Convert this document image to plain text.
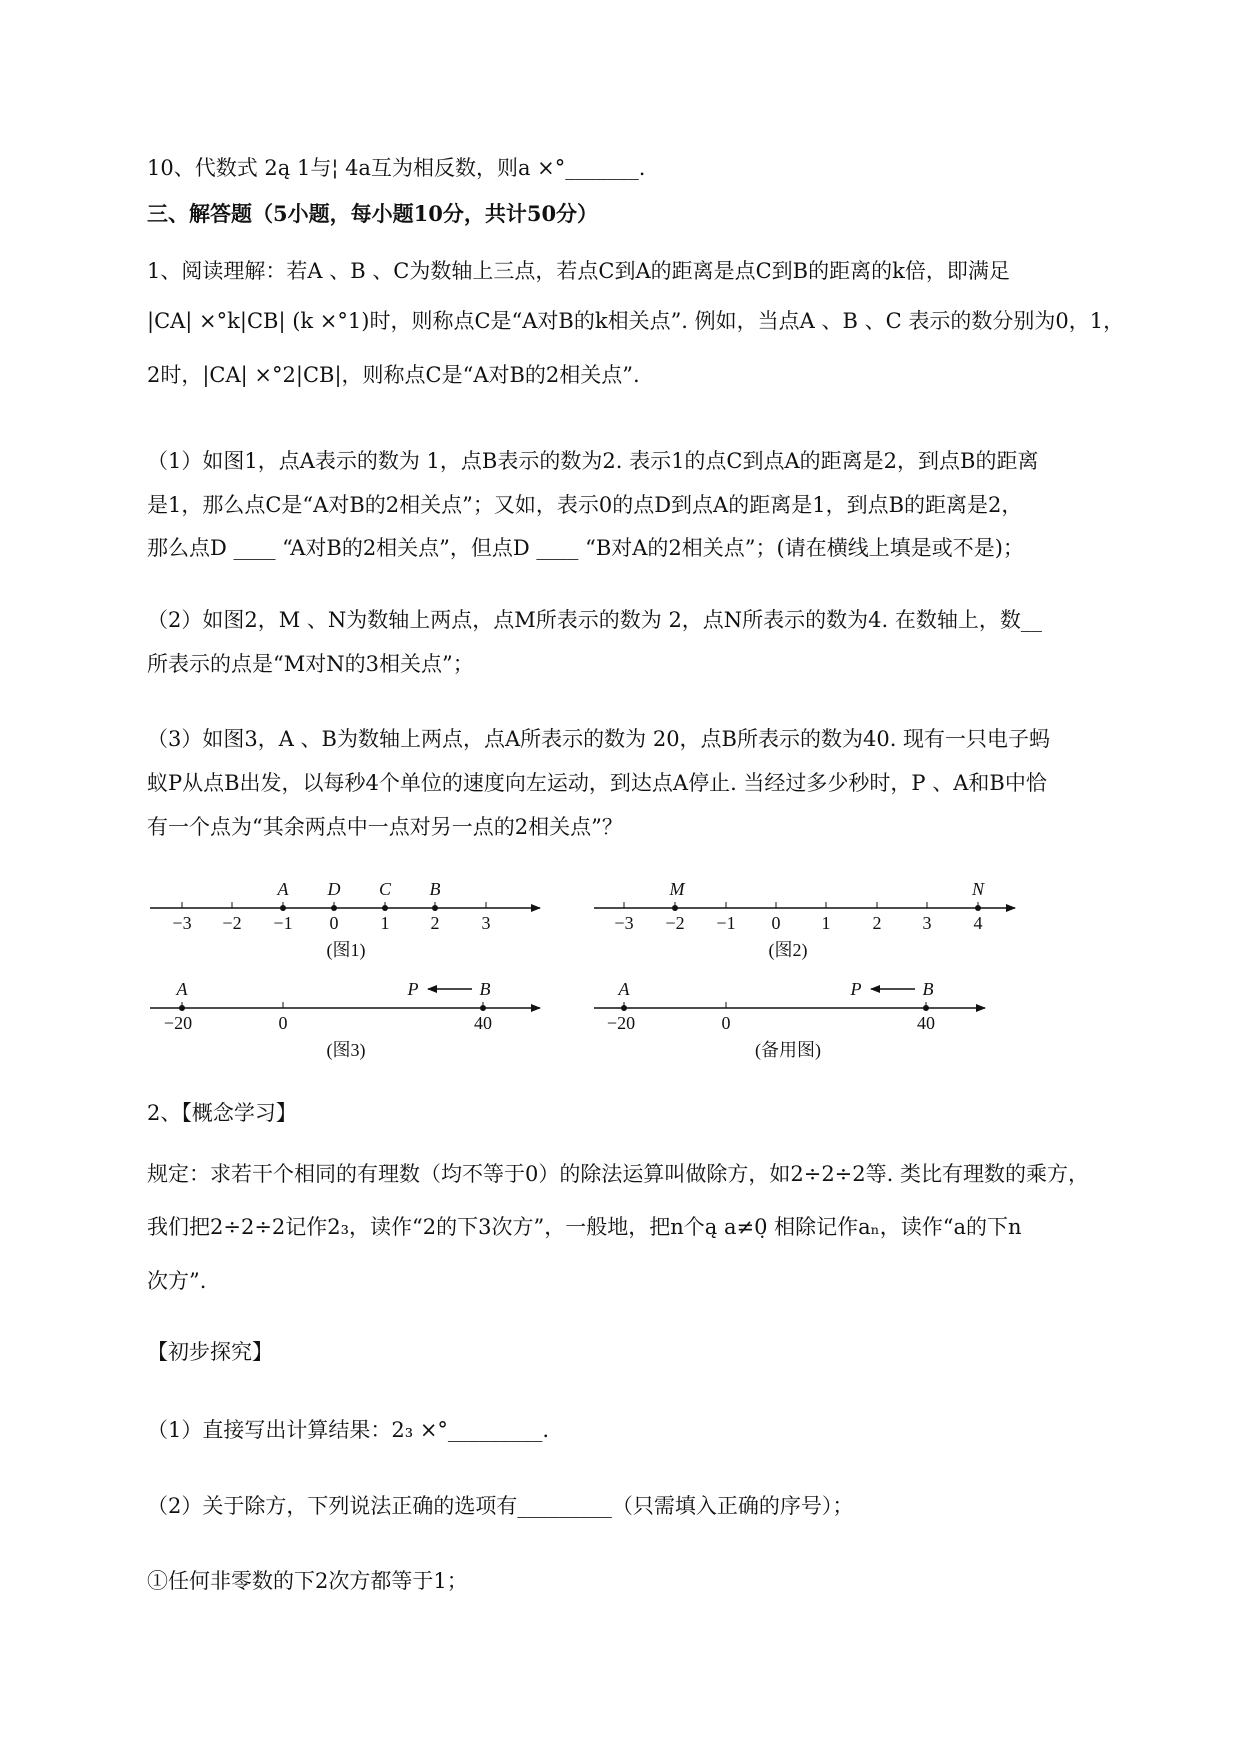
10、代数式 2ą 1与¦ 4a互为相反数，则a ×°_______.
三、解答题（5小题，每小题10分，共计50分）
1、阅读理解：若A 、B 、C为数轴上三点，若点C到A的距离是点C到B的距离的k倍，即满足
|CA| ×°k|CB| (k ×°1)时，则称点C是“A对B的k相关点”. 例如，当点A 、B 、C 表示的数分别为0，1，
2时，|CA| ×°2|CB|，则称点C是“A对B的2相关点”.
（1）如图1，点A表示的数为 1，点B表示的数为2. 表示1的点C到点A的距离是2，到点B的距离
是1，那么点C是“A对B的2相关点”；又如，表示0的点D到点A的距离是1，到点B的距离是2，
那么点D ____ “A对B的2相关点”，但点D ____ “B对A的2相关点”；(请在横线上填是或不是)；
（2）如图2，M 、N为数轴上两点，点M所表示的数为 2，点N所表示的数为4. 在数轴上，数__
所表示的点是“M对N的3相关点”；
（3）如图3，A 、B为数轴上两点，点A所表示的数为 20，点B所表示的数为40. 现有一只电子蚂
蚁P从点B出发，以每秒4个单位的速度向左运动，到达点A停止. 当经过多少秒时，P 、A和B中恰
有一个点为“其余两点中一点对另一点的2相关点”？
−3 −2 −1 0 1 2 3
A D C B
(图1)
−3 −2 −1 0 1 2 3 4
M	N
(图2)
−20	0	40
A	B
P
(图3)
−20	0	40
A	B
P
(备用图)
2、【概念学习】
规定：求若干个相同的有理数（均不等于0）的除法运算叫做除方，如2÷2÷2等. 类比有理数的乘方，
我们把2÷2÷2记作2₃，读作“2的下3次方”，一般地，把n个ą a≠0̣ 相除记作aₙ，读作“a的下n
次方”.
【初步探究】
（1）直接写出计算结果：2₃ ×°_________.
（2）关于除方，下列说法正确的选项有_________（只需填入正确的序号）；
①任何非零数的下2次方都等于1；
